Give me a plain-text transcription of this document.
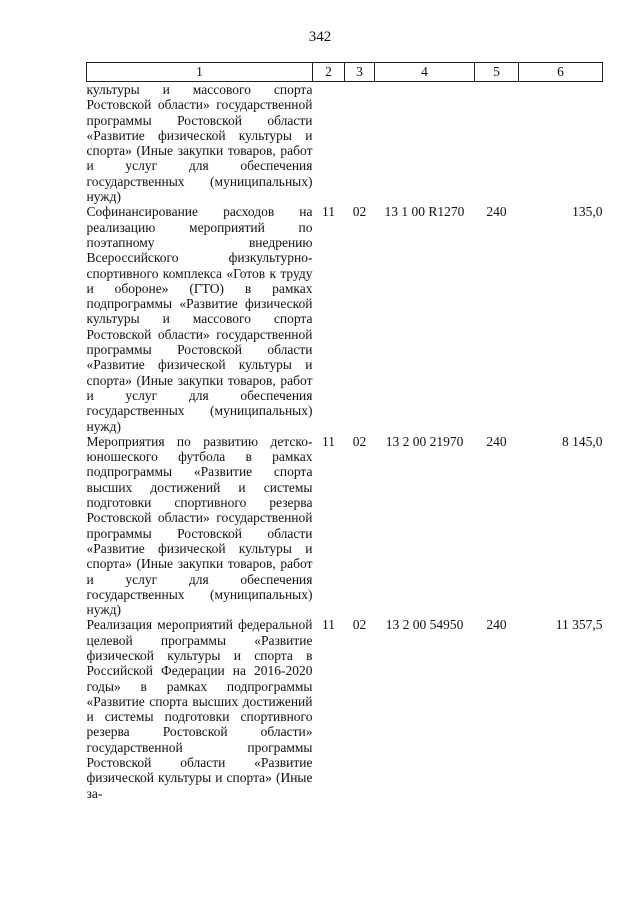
342
1	2	3	4	5	6
культуры и массового спорта Ростовской области» государственной программы Ростовской области «Развитие физической культуры и спорта» (Иные закупки товаров, работ и услуг для обеспечения государственных (муниципальных) нужд)					
Софинансирование расходов на реализацию мероприятий по поэтапному внедрению Всероссийского физкультурно-спортивного комплекса «Готов к труду и обороне» (ГТО) в рамках подпрограммы «Развитие физической культуры и массового спорта Ростовской области» государственной программы Ростовской области «Развитие физической культуры и спорта» (Иные закупки товаров, работ и услуг для обеспечения государственных (муниципальных) нужд)	11	02	13 1 00 R1270	240	135,0
Мероприятия по развитию детско-юношеского футбола в рамках подпрограммы «Развитие спорта высших достижений и системы подготовки спортивного резерва Ростовской области» государственной программы Ростовской области «Развитие физической культуры и спорта» (Иные закупки товаров, работ и услуг для обеспечения государственных (муниципальных) нужд)	11	02	13 2 00 21970	240	8 145,0
Реализация мероприятий федеральной целевой программы «Развитие физической культуры и спорта в Российской Федерации на 2016-2020 годы» в рамках подпрограммы «Развитие спорта высших достижений и системы подготовки спортивного резерва Ростовской области» государственной программы Ростовской области «Развитие физической культуры и спорта» (Иные за-	11	02	13 2 00 54950	240	11 357,5
